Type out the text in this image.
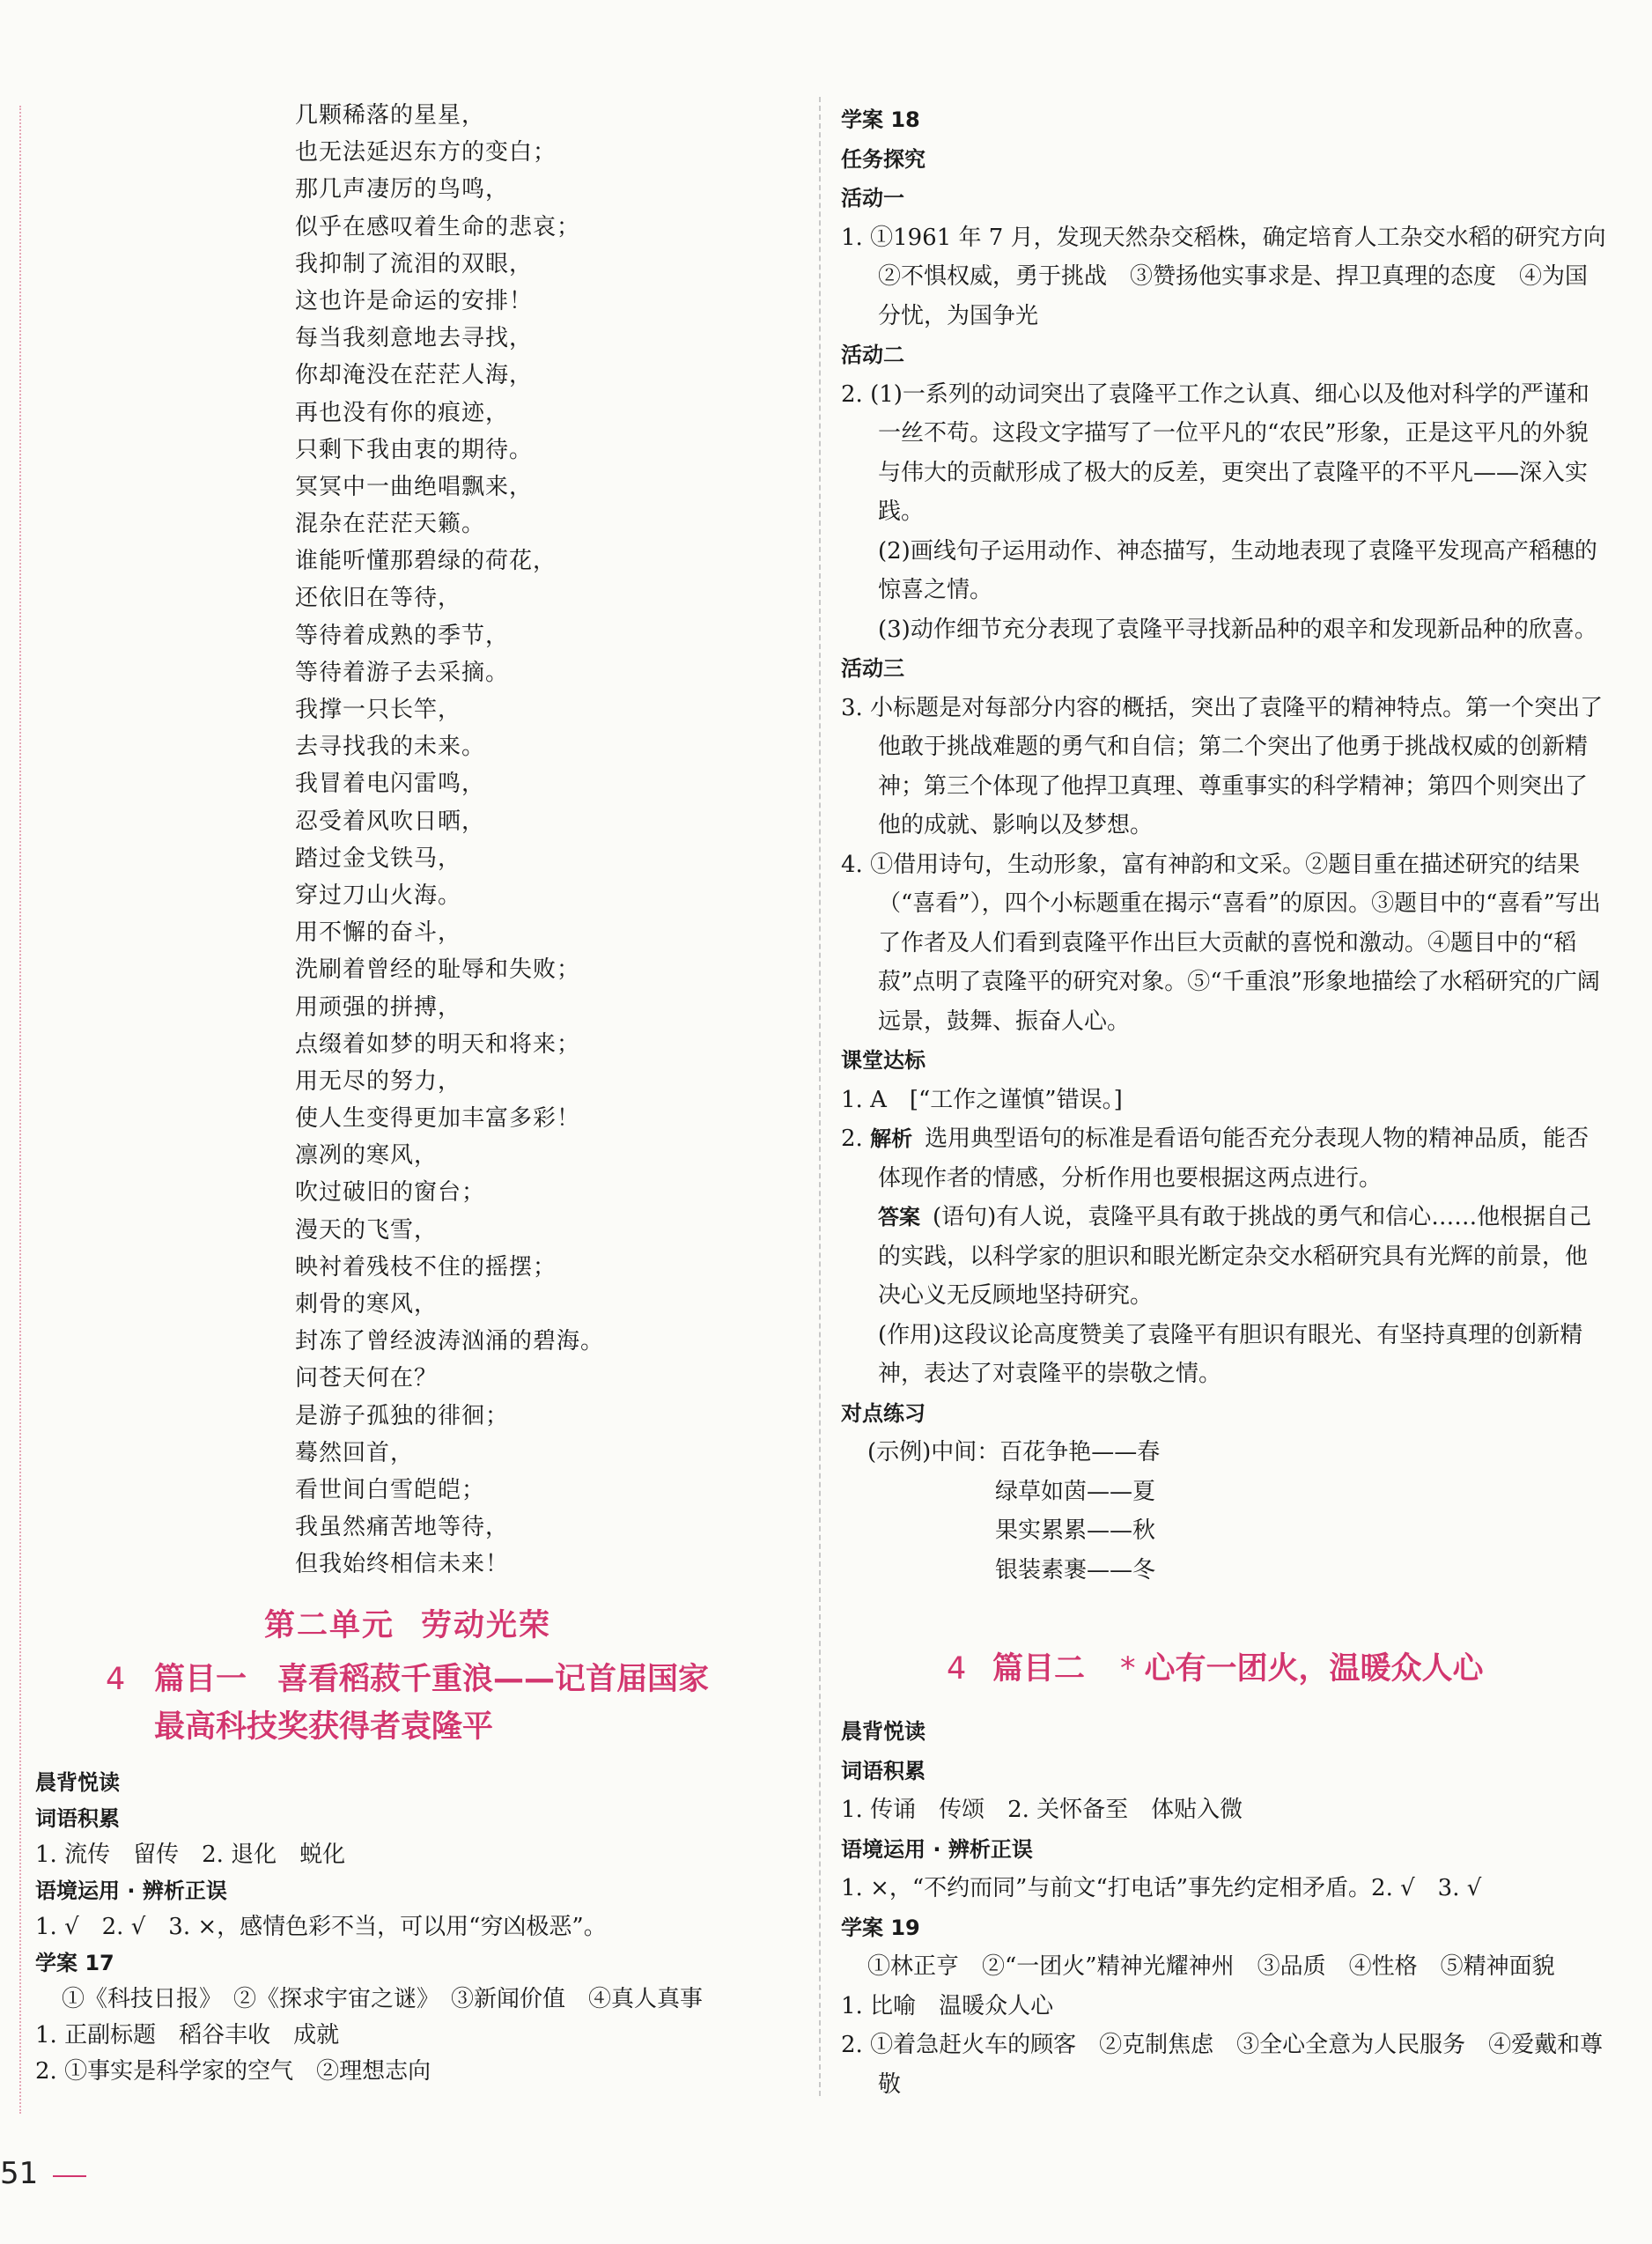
几颗稀落的星星，
也无法延迟东方的变白；
那几声凄厉的鸟鸣，
似乎在感叹着生命的悲哀；
我抑制了流泪的双眼，
这也许是命运的安排！
每当我刻意地去寻找，
你却淹没在茫茫人海，
再也没有你的痕迹，
只剩下我由衷的期待。
冥冥中一曲绝唱飘来，
混杂在茫茫天籁。
谁能听懂那碧绿的荷花，
还依旧在等待，
等待着成熟的季节，
等待着游子去采摘。
我撑一只长竿，
去寻找我的未来。
我冒着电闪雷鸣，
忍受着风吹日晒，
踏过金戈铁马，
穿过刀山火海。
用不懈的奋斗，
洗刷着曾经的耻辱和失败；
用顽强的拼搏，
点缀着如梦的明天和将来；
用无尽的努力，
使人生变得更加丰富多彩！
凛冽的寒风，
吹过破旧的窗台；
漫天的飞雪，
映衬着残枝不住的摇摆；
刺骨的寒风，
封冻了曾经波涛汹涌的碧海。
问苍天何在？
是游子孤独的徘徊；
蓦然回首，
看世间白雪皑皑；
我虽然痛苦地等待，
但我始终相信未来！
第二单元 劳动光荣
4 篇目一　喜看稻菽千重浪——记首届国家
最高科技奖获得者袁隆平
晨背悦读
词语积累
1. 流传　留传　2. 退化　蜕化
语境运用 · 辨析正误
1. √　2. √　3. ×，感情色彩不当，可以用“穷凶极恶”。
学案 17
①《科技日报》　②《探求宇宙之谜》　③新闻价值　④真人真事
1. 正副标题　稻谷丰收　成就
2. ①事实是科学家的空气　②理想志向
学案 18
任务探究
活动一
1. ①1961 年 7 月，发现天然杂交稻株，确定培育人工杂交水稻的研究方向
②不惧权威，勇于挑战　③赞扬他实事求是、捍卫真理的态度　④为国
分忧，为国争光
活动二
2. (1)一系列的动词突出了袁隆平工作之认真、细心以及他对科学的严谨和一丝不苟。这段文字描写了一位平凡的“农民”形象，正是这平凡的外貌与伟大的贡献形成了极大的反差，更突出了袁隆平的不平凡——深入实践。
(2)画线句子运用动作、神态描写，生动地表现了袁隆平发现高产稻穗的惊喜之情。
(3)动作细节充分表现了袁隆平寻找新品种的艰辛和发现新品种的欣喜。
活动三
3. 小标题是对每部分内容的概括，突出了袁隆平的精神特点。第一个突出了他敢于挑战难题的勇气和自信；第二个突出了他勇于挑战权威的创新精神；第三个体现了他捍卫真理、尊重事实的科学精神；第四个则突出了他的成就、影响以及梦想。
4. ①借用诗句，生动形象，富有神韵和文采。②题目重在描述研究的结果（“喜看”），四个小标题重在揭示“喜看”的原因。③题目中的“喜看”写出了作者及人们看到袁隆平作出巨大贡献的喜悦和激动。④题目中的“稻菽”点明了袁隆平的研究对象。⑤“千重浪”形象地描绘了水稻研究的广阔远景，鼓舞、振奋人心。
课堂达标
1. A　[“工作之谨慎”错误。]
2. 解析 选用典型语句的标准是看语句能否充分表现人物的精神品质，能否体现作者的情感，分析作用也要根据这两点进行。
答案 (语句)有人说，袁隆平具有敢于挑战的勇气和信心……他根据自己的实践，以科学家的胆识和眼光断定杂交水稻研究具有光辉的前景，他决心义无反顾地坚持研究。
(作用)这段议论高度赞美了袁隆平有胆识有眼光、有坚持真理的创新精神，表达了对袁隆平的崇敬之情。
对点练习
(示例)中间：百花争艳——春
绿草如茵——夏
果实累累——秋
银装素裹——冬
4 篇目二 * 心有一团火，温暖众人心
晨背悦读
词语积累
1. 传诵　传颂　2. 关怀备至　体贴入微
语境运用 · 辨析正误
1. ×，“不约而同”与前文“打电话”事先约定相矛盾。2. √　3. √
学案 19
①林正亨　②“一团火”精神光耀神州　③品质　④性格　⑤精神面貌
1. 比喻　温暖众人心
2. ①着急赶火车的顾客　②克制焦虑　③全心全意为人民服务　④爱戴和尊敬
51
